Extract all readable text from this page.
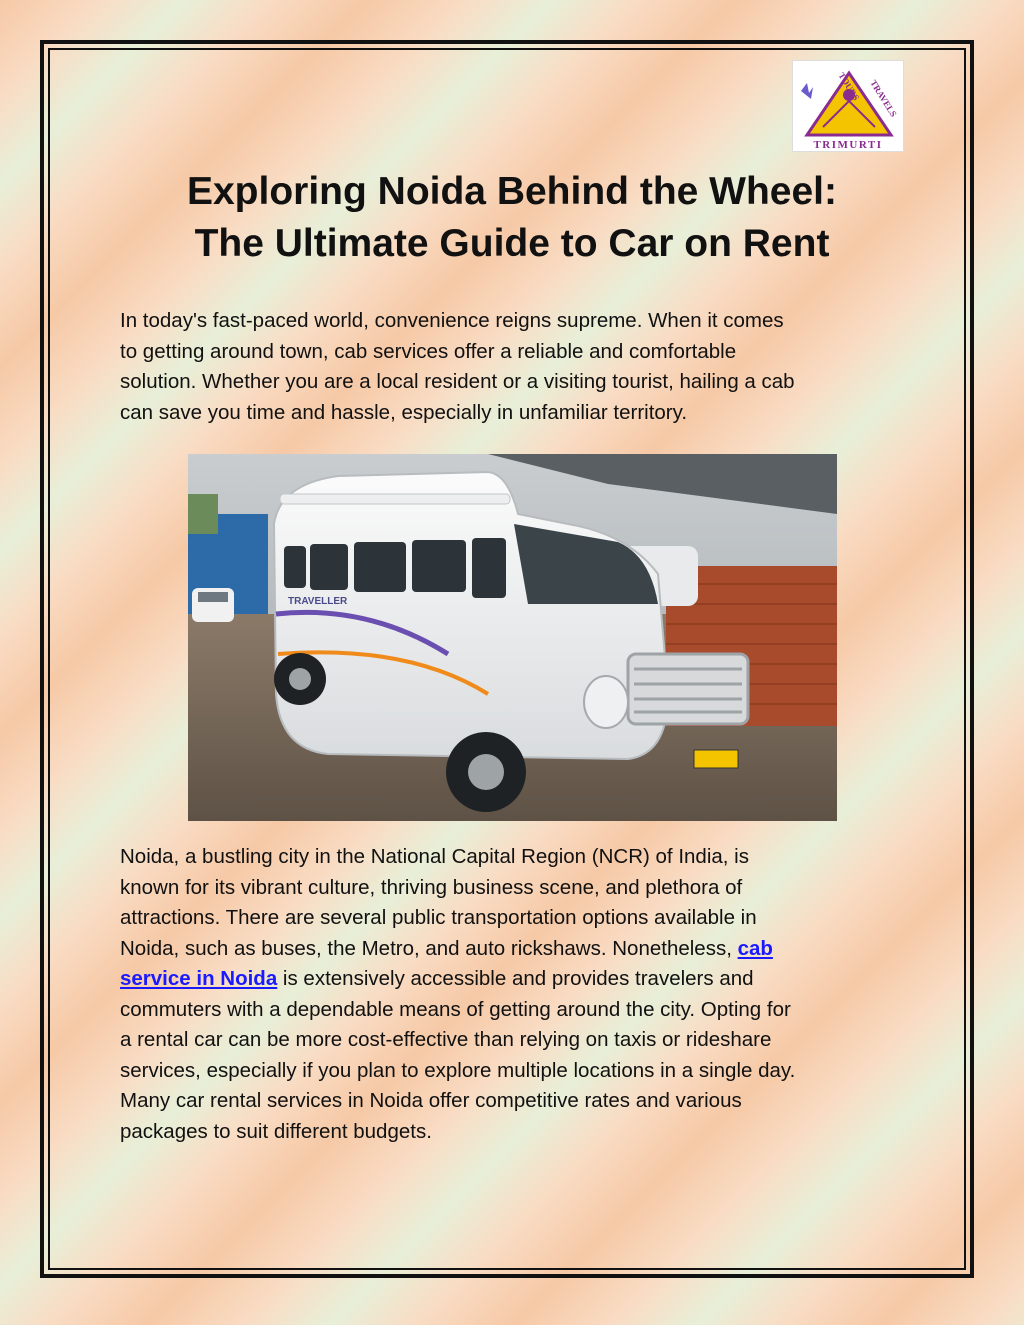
TOURS TRAVELS
TRIMURTI
Exploring Noida Behind the Wheel:
The Ultimate Guide to Car on Rent

In today's fast-paced world, convenience reigns supreme. When it comes
to getting around town, cab services offer a reliable and comfortable
solution. Whether you are a local resident or a visiting tourist, hailing a cab
can save you time and hassle, especially in unfamiliar territory.

TRAVELLER

Noida, a bustling city in the National Capital Region (NCR) of India, is
known for its vibrant culture, thriving business scene, and plethora of
attractions. There are several public transportation options available in
Noida, such as buses, the Metro, and auto rickshaws. Nonetheless, cab
service in Noida is extensively accessible and provides travelers and
commuters with a dependable means of getting around the city. Opting for
a rental car can be more cost-effective than relying on taxis or rideshare
services, especially if you plan to explore multiple locations in a single day.
Many car rental services in Noida offer competitive rates and various
packages to suit different budgets.
